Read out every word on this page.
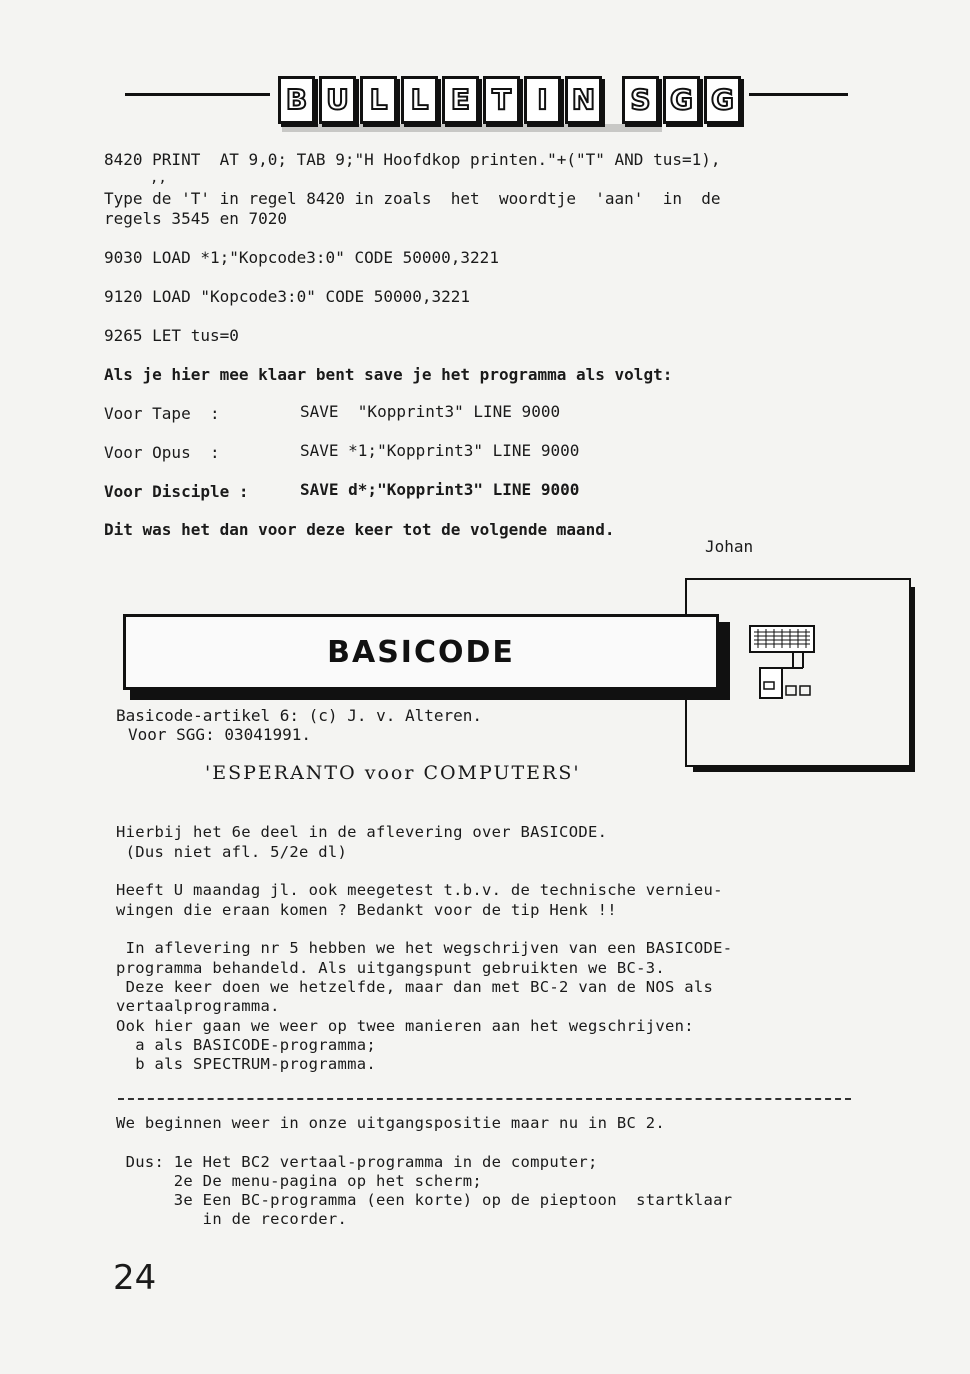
B U L L E T I N S G G
8420 PRINT  AT 9,0; TAB 9;"H Hoofdkop printen."+("T" AND tus=1),
,,
Type de 'T' in regel 8420 in zoals  het  woordtje  'aan'  in  de
regels 3545 en 7020
9030 LOAD *1;"Kopcode3:0" CODE 50000,3221
9120 LOAD "Kopcode3:0" CODE 50000,3221
9265 LET tus=0
Als je hier mee klaar bent save je het programma als volgt:
Voor Tape  :	SAVE  "Kopprint3" LINE 9000
Voor Opus  :	SAVE *1;"Kopprint3" LINE 9000
Voor Disciple :	SAVE d*;"Kopprint3" LINE 9000
Dit was het dan voor deze keer tot de volgende maand.
Johan
BASICODE
Basicode-artikel 6: (c) J. v. Alteren.
Voor SGG: 03041991.
'ESPERANTO voor COMPUTERS'
Hierbij het 6e deel in de aflevering over BASICODE.
(Dus niet afl. 5/2e dl)
Heeft U maandag jl. ook meegetest t.b.v. de technische vernieu-
wingen die eraan komen ? Bedankt voor de tip Henk !!
In aflevering nr 5 hebben we het wegschrijven van een BASICODE-
programma behandeld. Als uitgangspunt gebruikten we BC-3.
Deze keer doen we hetzelfde, maar dan met BC-2 van de NOS als
vertaalprogramma.
Ook hier gaan we weer op twee manieren aan het wegschrijven:
a als BASICODE-programma;
b als SPECTRUM-programma.
We beginnen weer in onze uitgangspositie maar nu in BC 2.
Dus: 1e Het BC2 vertaal-programma in de computer;
2e De menu-pagina op het scherm;
3e Een BC-programma (een korte) op de pieptoon  startklaar
in de recorder.
24
